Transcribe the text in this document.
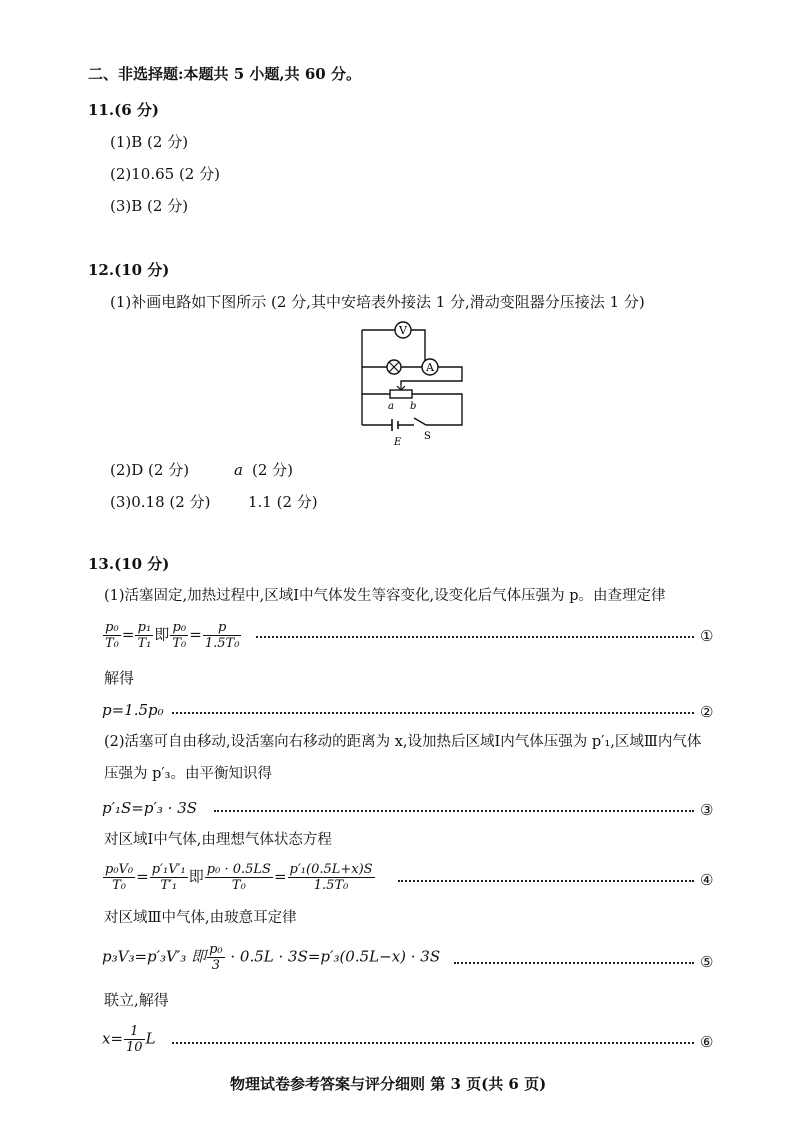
二、非选择题:本题共 5 小题,共 60 分。
11.(6 分)
(1)B (2 分)
(2)10.65 (2 分)
(3)B (2 分)
12.(10 分)
(1)补画电路如下图所示 (2 分,其中安培表外接法 1 分,滑动变阻器分压接法 1 分)
V
A
a b
E
S
(2)D (2 分)	a (2 分)
(3)0.18 (2 分)	1.1 (2 分)
13.(10 分)
(1)活塞固定,加热过程中,区域Ⅰ中气体发生等容变化,设变化后气体压强为 p。由查理定律
$\frac{\text{p₀}}{\text{T₀}} = \frac{\text{p₁}}{\text{T₁}}$ 即 $\frac{\text{p₀}}{\text{T₀}} = \frac{p}{\text{1.5T₀}}$	①
解得
p=1.5p₀	②
(2)活塞可自由移动,设活塞向右移动的距离为 x,设加热后区域Ⅰ内气体压强为 p′₁,区域Ⅲ内气体
压强为 p′₃。由平衡知识得
p′₁S=p′₃ · 3S	③
对区域Ⅰ中气体,由理想气体状态方程
$\frac{\text{p₀V₀}}{\text{T₀}} = \frac{\text{p′₁V′₁}}{\text{T′₁}}$ 即 $\frac{\text{p₀ · 0.5LS}}{\text{T₀}} = \frac{\text{p′₁(0.5L+x)S}}{\text{1.5T₀}}$	④
对区域Ⅲ中气体,由玻意耳定律
p₃V₃=p′₃V′₃ 即 $\frac{\text{p₀}}{3} \cdot 0.5L \cdot 3S=p'_3(0.5L-x) \cdot 3S$	⑤
联立,解得
$x= \frac{1}{10}$ L	⑥
物理试卷参考答案与评分细则 第 3 页(共 6 页)
